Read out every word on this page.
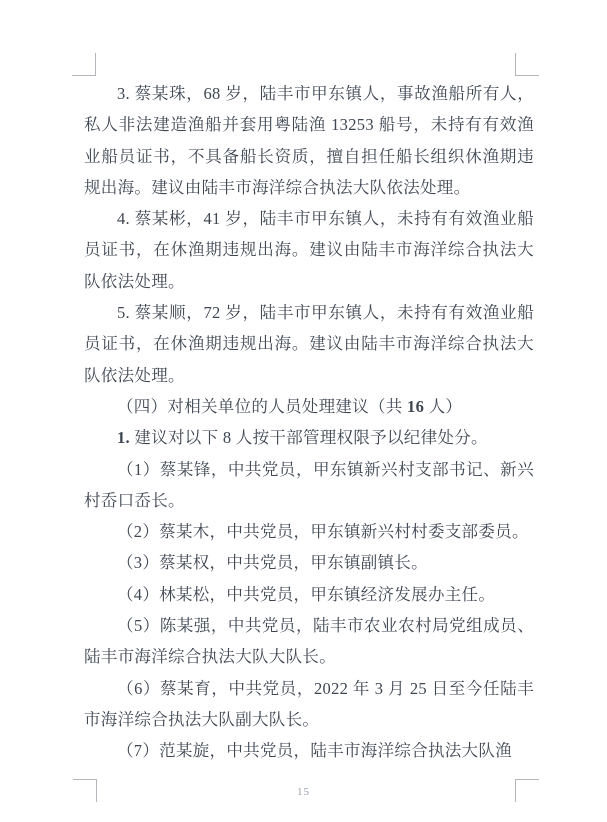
3. 蔡某珠，68 岁，陆丰市甲东镇人，事故渔船所有人，私人非法建造渔船并套用粤陆渔 13253 船号，未持有有效渔业船员证书，不具备船长资质，擅自担任船长组织休渔期违规出海。建议由陆丰市海洋综合执法大队依法处理。

4. 蔡某彬，41 岁，陆丰市甲东镇人，未持有有效渔业船员证书，在休渔期违规出海。建议由陆丰市海洋综合执法大队依法处理。

5. 蔡某顺，72 岁，陆丰市甲东镇人，未持有有效渔业船员证书，在休渔期违规出海。建议由陆丰市海洋综合执法大队依法处理。

（四）对相关单位的人员处理建议（共 16 人）

1. 建议对以下 8 人按干部管理权限予以纪律处分。

（1）蔡某锋，中共党员，甲东镇新兴村支部书记、新兴村岙口岙长。

（2）蔡某木，中共党员，甲东镇新兴村村委支部委员。

（3）蔡某权，中共党员，甲东镇副镇长。

（4）林某松，中共党员，甲东镇经济发展办主任。

（5）陈某强，中共党员，陆丰市农业农村局党组成员、陆丰市海洋综合执法大队大队长。

（6）蔡某育，中共党员，2022 年 3 月 25 日至今任陆丰市海洋综合执法大队副大队长。

（7）范某旋，中共党员，陆丰市海洋综合执法大队渔

15
